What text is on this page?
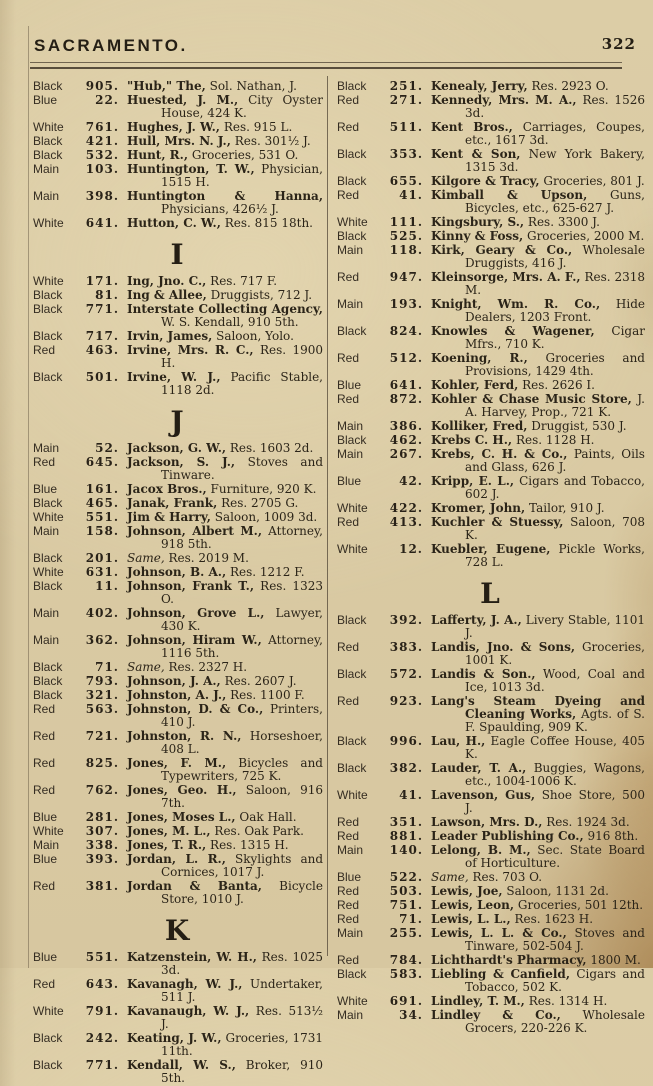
SACRAMENTO.	322
Black	905. "Hub," The, Sol. Nathan, J.
Blue	22. Huested, J. M., City Oyster House, 424 K.
White	761. Hughes, J. W., Res. 915 L.
Black	421. Hull, Mrs. N. J., Res. 301½ J.
Black	532. Hunt, R., Groceries, 531 O.
Main	103. Huntington, T. W., Physician, 1515 H.
Main	398. Huntington & Hanna, Physicians, 426½ J.
White	641. Hutton, C. W., Res. 815 18th.
I
White	171. Ing, Jno. C., Res. 717 F.
Black	81. Ing & Allee, Druggists, 712 J.
Black	771. Interstate Collecting Agency, W. S. Kendall, 910 5th.
Black	717. Irvin, James, Saloon, Yolo.
Red	463. Irvine, Mrs. R. C., Res. 1900 H.
Black	501. Irvine, W. J., Pacific Stable, 1118 2d.
J
Main	52. Jackson, G. W., Res. 1603 2d.
Red	645. Jackson, S. J., Stoves and Tinware.
Blue	161. Jacox Bros., Furniture, 920 K.
Black	465. Janak, Frank, Res. 2705 G.
White	551. Jim & Harry, Saloon, 1009 3d.
Main	158. Johnson, Albert M., Attorney, 918 5th.
Black	201. Same, Res. 2019 M.
White	631. Johnson, B. A., Res. 1212 F.
Black	11. Johnson, Frank T., Res. 1323 O.
Main	402. Johnson, Grove L., Lawyer, 430 K.
Main	362. Johnson, Hiram W., Attorney, 1116 5th.
Black	71. Same, Res. 2327 H.
Black	793. Johnson, J. A., Res. 2607 J.
Black	321. Johnston, A. J., Res. 1100 F.
Red	563. Johnston, D. & Co., Printers, 410 J.
Red	721. Johnston, R. N., Horseshoer, 408 L.
Red	825. Jones, F. M., Bicycles and Typewriters, 725 K.
Red	762. Jones, Geo. H., Saloon, 916 7th.
Blue	281. Jones, Moses L., Oak Hall.
White	307. Jones, M. L., Res. Oak Park.
Main	338. Jones, T. R., Res. 1315 H.
Blue	393. Jordan, L. R., Skylights and Cornices, 1017 J.
Red	381. Jordan & Banta, Bicycle Store, 1010 J.
K
Blue	551. Katzenstein, W. H., Res. 1025 3d.
Red	643. Kavanagh, W. J., Undertaker, 511 J.
White	791. Kavanaugh, W. J., Res. 513½ J.
Black	242. Keating, J. W., Groceries, 1731 11th.
Black	771. Kendall, W. S., Broker, 910 5th.
Black	251. Kenealy, Jerry, Res. 2923 O.
Red	271. Kennedy, Mrs. M. A., Res. 1526 3d.
Red	511. Kent Bros., Carriages, Coupes, etc., 1617 3d.
Black	353. Kent & Son, New York Bakery, 1315 3d.
Black	655. Kilgore & Tracy, Groceries, 801 J.
Red	41. Kimball & Upson, Guns, Bicycles, etc., 625-627 J.
White	111. Kingsbury, S., Res. 3300 J.
Black	525. Kinny & Foss, Groceries, 2000 M.
Main	118. Kirk, Geary & Co., Wholesale Druggists, 416 J.
Red	947. Kleinsorge, Mrs. A. F., Res. 2318 M.
Main	193. Knight, Wm. R. Co., Hide Dealers, 1203 Front.
Black	824. Knowles & Wagener, Cigar Mfrs., 710 K.
Red	512. Koening, R., Groceries and Provisions, 1429 4th.
Blue	641. Kohler, Ferd, Res. 2626 I.
Red	872. Kohler & Chase Music Store, J. A. Harvey, Prop., 721 K.
Main	386. Kolliker, Fred, Druggist, 530 J.
Black	462. Krebs C. H., Res. 1128 H.
Main	267. Krebs, C. H. & Co., Paints, Oils and Glass, 626 J.
Blue	42. Kripp, E. L., Cigars and Tobacco, 602 J.
White	422. Kromer, John, Tailor, 910 J.
Red	413. Kuchler & Stuessy, Saloon, 708 K.
White	12. Kuebler, Eugene, Pickle Works, 728 L.
L
Black	392. Lafferty, J. A., Livery Stable, 1101 J.
Red	383. Landis, Jno. & Sons, Groceries, 1001 K.
Black	572. Landis & Son., Wood, Coal and Ice, 1013 3d.
Red	923. Lang's Steam Dyeing and Cleaning Works, Agts. of S. F. Spaulding, 909 K.
Black	996. Lau, H., Eagle Coffee House, 405 K.
Black	382. Lauder, T. A., Buggies, Wagons, etc., 1004-1006 K.
White	41. Lavenson, Gus, Shoe Store, 500 J.
Red	351. Lawson, Mrs. D., Res. 1924 3d.
Red	881. Leader Publishing Co., 916 8th.
Main	140. Lelong, B. M., Sec. State Board of Horticulture.
Blue	522. Same, Res. 703 O.
Red	503. Lewis, Joe, Saloon, 1131 2d.
Red	751. Lewis, Leon, Groceries, 501 12th.
Red	71. Lewis, L. L., Res. 1623 H.
Main	255. Lewis, L. L. & Co., Stoves and Tinware, 502-504 J.
Red	784. Lichthardt's Pharmacy, 1800 M.
Black	583. Liebling & Canfield, Cigars and Tobacco, 502 K.
White	691. Lindley, T. M., Res. 1314 H.
Main	34. Lindley & Co., Wholesale Grocers, 220-226 K.
